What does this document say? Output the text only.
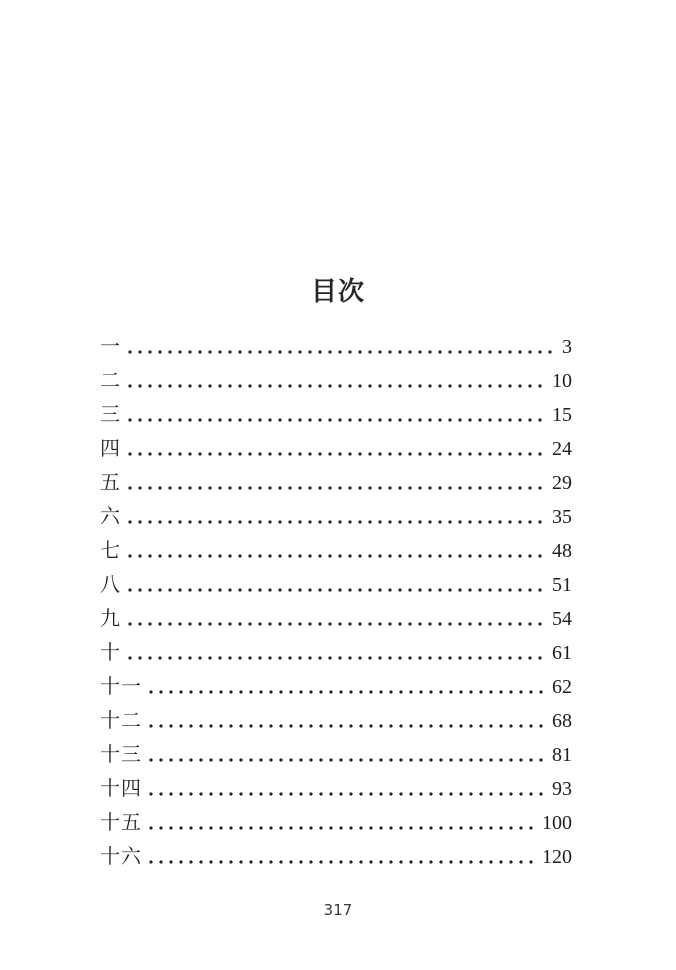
目次
一	3
二	10
三	15
四	24
五	29
六	35
七	48
八	51
九	54
十	61
十一	62
十二	68
十三	81
十四	93
十五	100
十六	120
317
